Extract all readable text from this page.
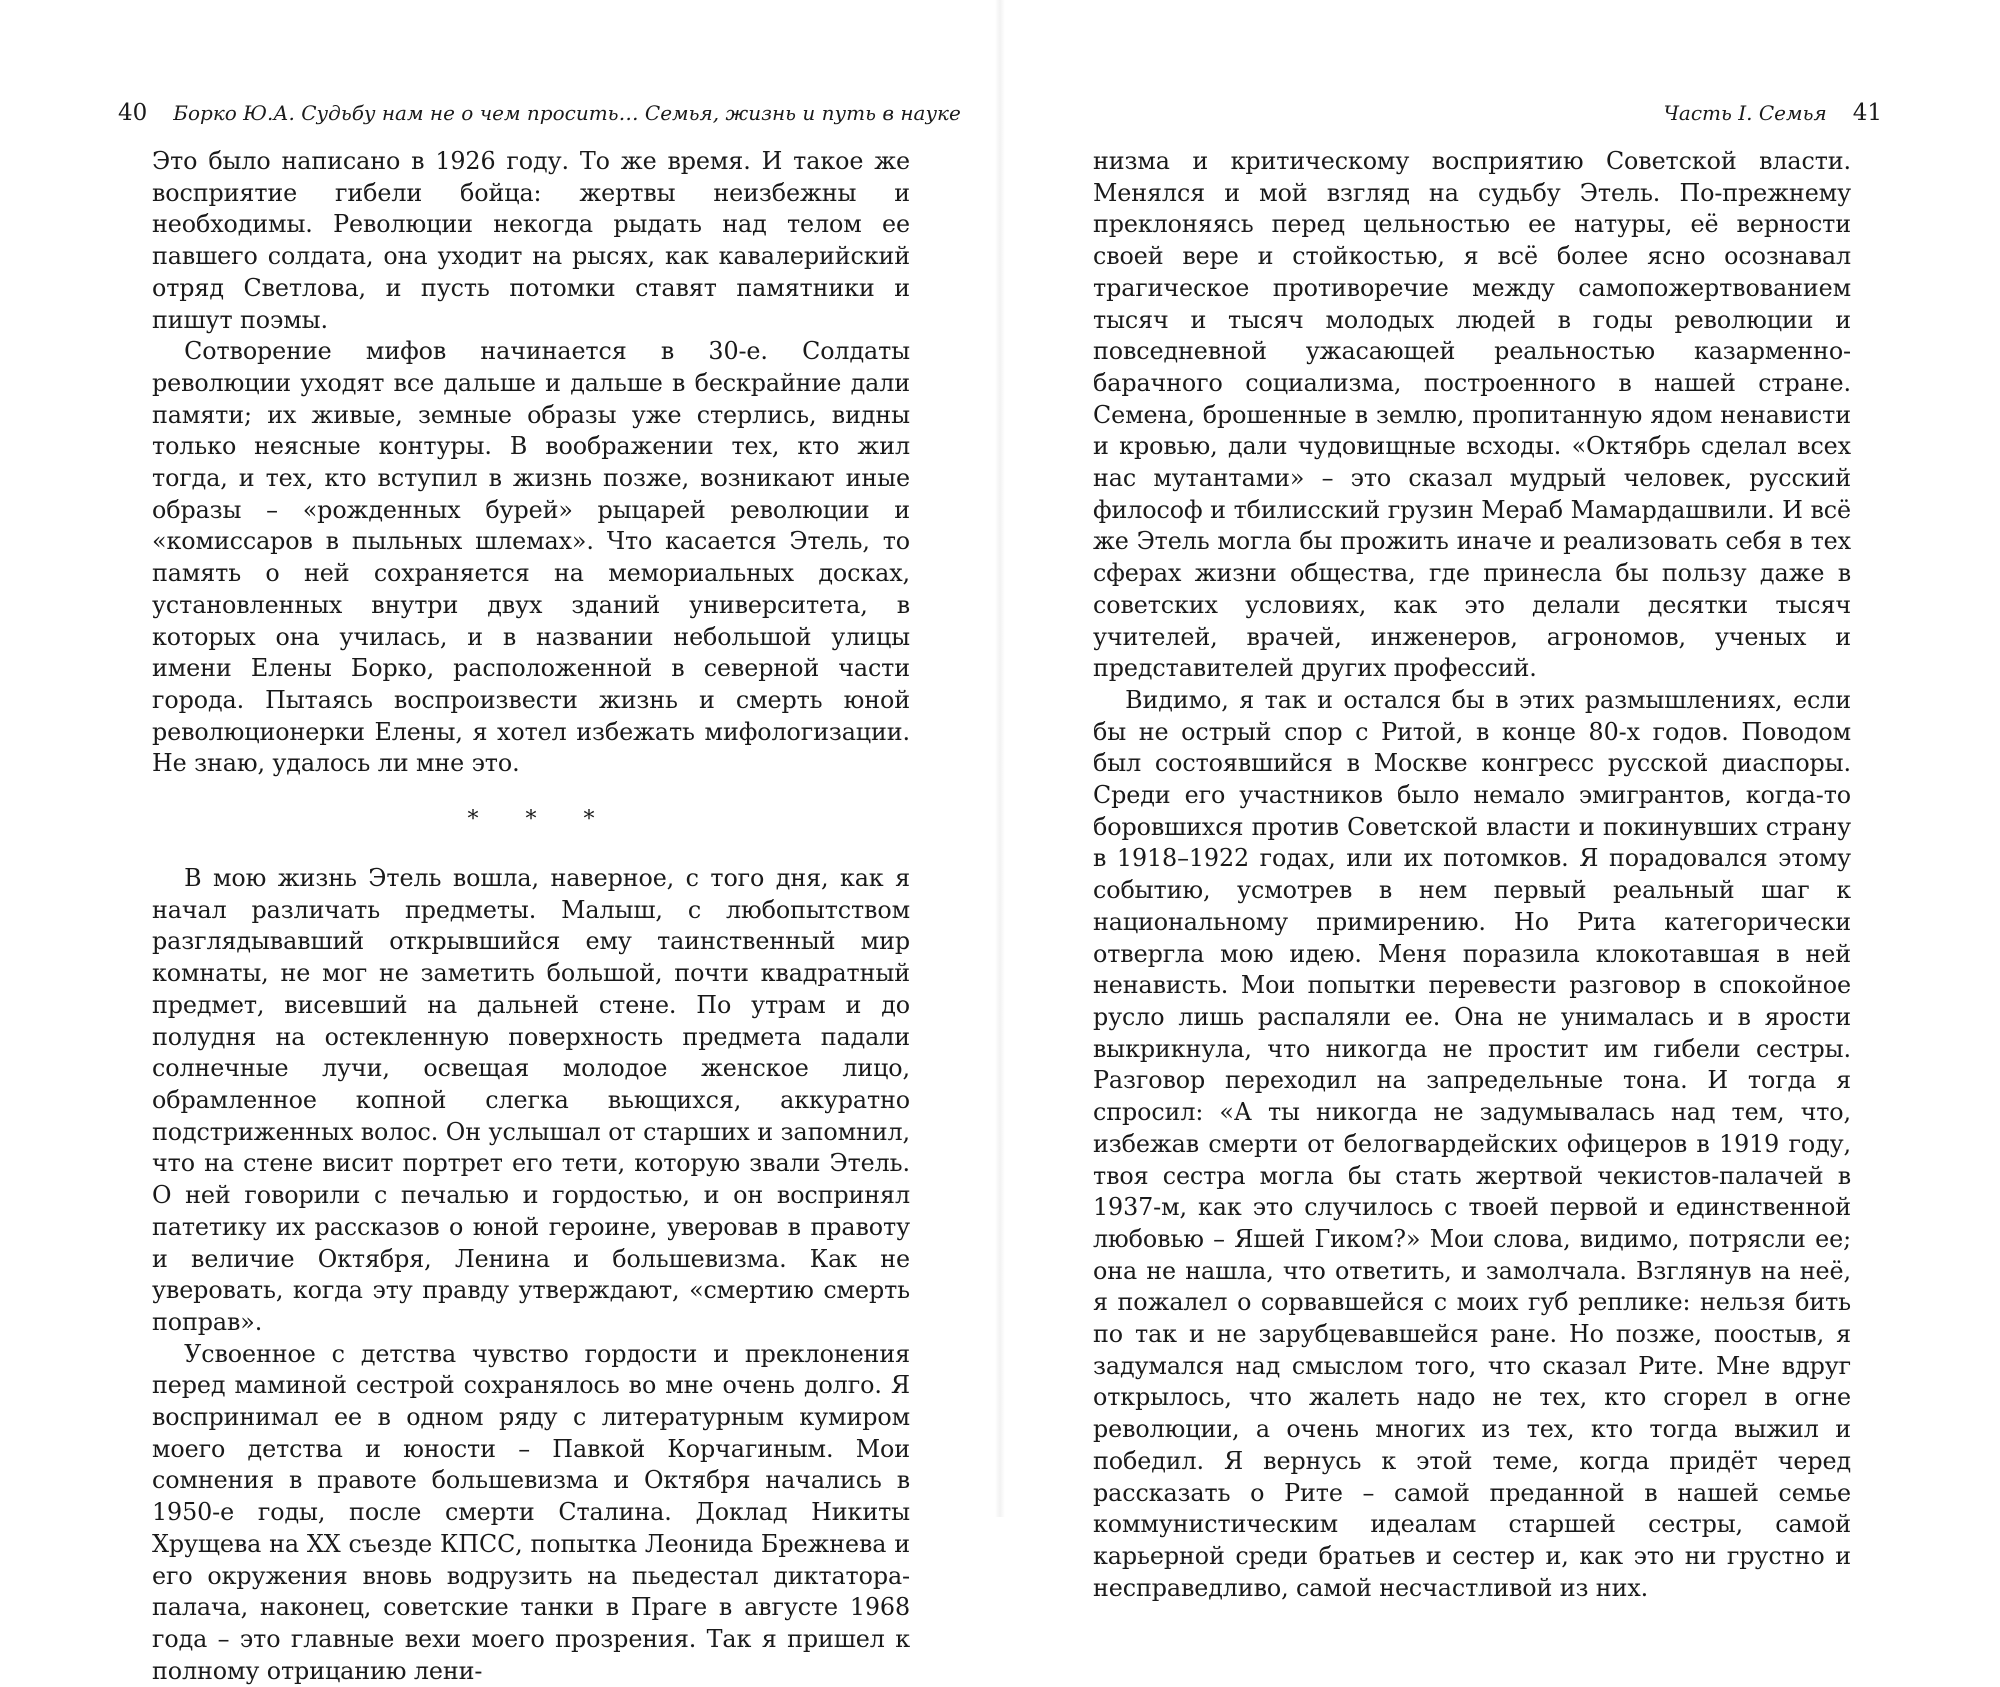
40 Борко Ю.А. Судьбу нам не о чем просить… Семья, жизнь и путь в науке

Это было написано в 1926 году. То же время. И такое же восприятие гибели бойца: жертвы неизбежны и необходимы. Революции некогда рыдать над телом ее павшего солдата, она уходит на рысях, как кавалерийский отряд Светлова, и пусть потомки ставят памятники и пишут поэмы.

Сотворение мифов начинается в 30-е. Солдаты революции уходят все дальше и дальше в бескрайние дали памяти; их живые, земные образы уже стерлись, видны только неясные контуры. В воображении тех, кто жил тогда, и тех, кто вступил в жизнь позже, возникают иные образы – «рожденных бурей» рыцарей революции и «комиссаров в пыльных шлемах». Что касается Этель, то память о ней сохраняется на мемориальных досках, установленных внутри двух зданий университета, в которых она училась, и в названии небольшой улицы имени Елены Борко, расположенной в северной части города. Пытаясь воспроизвести жизнь и смерть юной революционерки Елены, я хотел избежать мифологизации. Не знаю, удалось ли мне это.

* * *

В мою жизнь Этель вошла, наверное, с того дня, как я начал различать предметы. Малыш, с любопытством разглядывавший открывшийся ему таинственный мир комнаты, не мог не заметить большой, почти квадратный предмет, висевший на дальней стене. По утрам и до полудня на остекленную поверхность предмета падали солнечные лучи, освещая молодое женское лицо, обрамленное копной слегка вьющихся, аккуратно подстриженных волос. Он услышал от старших и запомнил, что на стене висит портрет его тети, которую звали Этель. О ней говорили с печалью и гордостью, и он воспринял патетику их рассказов о юной героине, уверовав в правоту и величие Октября, Ленина и большевизма. Как не уверовать, когда эту правду утверждают, «смертию смерть поправ».

Усвоенное с детства чувство гордости и преклонения перед маминой сестрой сохранялось во мне очень долго. Я воспринимал ее в одном ряду с литературным кумиром моего детства и юности – Павкой Корчагиным. Мои сомнения в правоте большевизма и Октября начались в 1950-е годы, после смерти Сталина. Доклад Никиты Хрущева на XX съезде КПСС, попытка Леонида Брежнева и его окружения вновь водрузить на пьедестал диктатора-палача, наконец, советские танки в Праге в августе 1968 года – это главные вехи моего прозрения. Так я пришел к полному отрицанию лени-

Часть I. Семья 41

низма и критическому восприятию Советской власти. Менялся и мой взгляд на судьбу Этель. По-прежнему преклоняясь перед цельностью ее натуры, её верности своей вере и стойкостью, я всё более ясно осознавал трагическое противоречие между самопожертвованием тысяч и тысяч молодых людей в годы революции и повседневной ужасающей реальностью казарменно-барачного социализма, построенного в нашей стране. Семена, брошенные в землю, пропитанную ядом ненависти и кровью, дали чудовищные всходы. «Октябрь сделал всех нас мутантами» – это сказал мудрый человек, русский философ и тбилисский грузин Мераб Мамардашвили. И всё же Этель могла бы прожить иначе и реализовать себя в тех сферах жизни общества, где принесла бы пользу даже в советских условиях, как это делали десятки тысяч учителей, врачей, инженеров, агрономов, ученых и представителей других профессий.

Видимо, я так и остался бы в этих размышлениях, если бы не острый спор с Ритой, в конце 80-х годов. Поводом был состоявшийся в Москве конгресс русской диаспоры. Среди его участников было немало эмигрантов, когда-то боровшихся против Советской власти и покинувших страну в 1918–1922 годах, или их потомков. Я порадовался этому событию, усмотрев в нем первый реальный шаг к национальному примирению. Но Рита категорически отвергла мою идею. Меня поразила клокотавшая в ней ненависть. Мои попытки перевести разговор в спокойное русло лишь распаляли ее. Она не унималась и в ярости выкрикнула, что никогда не простит им гибели сестры. Разговор переходил на запредельные тона. И тогда я спросил: «А ты никогда не задумывалась над тем, что, избежав смерти от белогвардейских офицеров в 1919 году, твоя сестра могла бы стать жертвой чекистов-палачей в 1937-м, как это случилось с твоей первой и единственной любовью – Яшей Гиком?» Мои слова, видимо, потрясли ее; она не нашла, что ответить, и замолчала. Взглянув на неё, я пожалел о сорвавшейся с моих губ реплике: нельзя бить по так и не зарубцевавшейся ране. Но позже, поостыв, я задумался над смыслом того, что сказал Рите. Мне вдруг открылось, что жалеть надо не тех, кто сгорел в огне революции, а очень многих из тех, кто тогда выжил и победил. Я вернусь к этой теме, когда придёт черед рассказать о Рите – самой преданной в нашей семье коммунистическим идеалам старшей сестры, самой карьерной среди братьев и сестер и, как это ни грустно и несправедливо, самой несчастливой из них.
